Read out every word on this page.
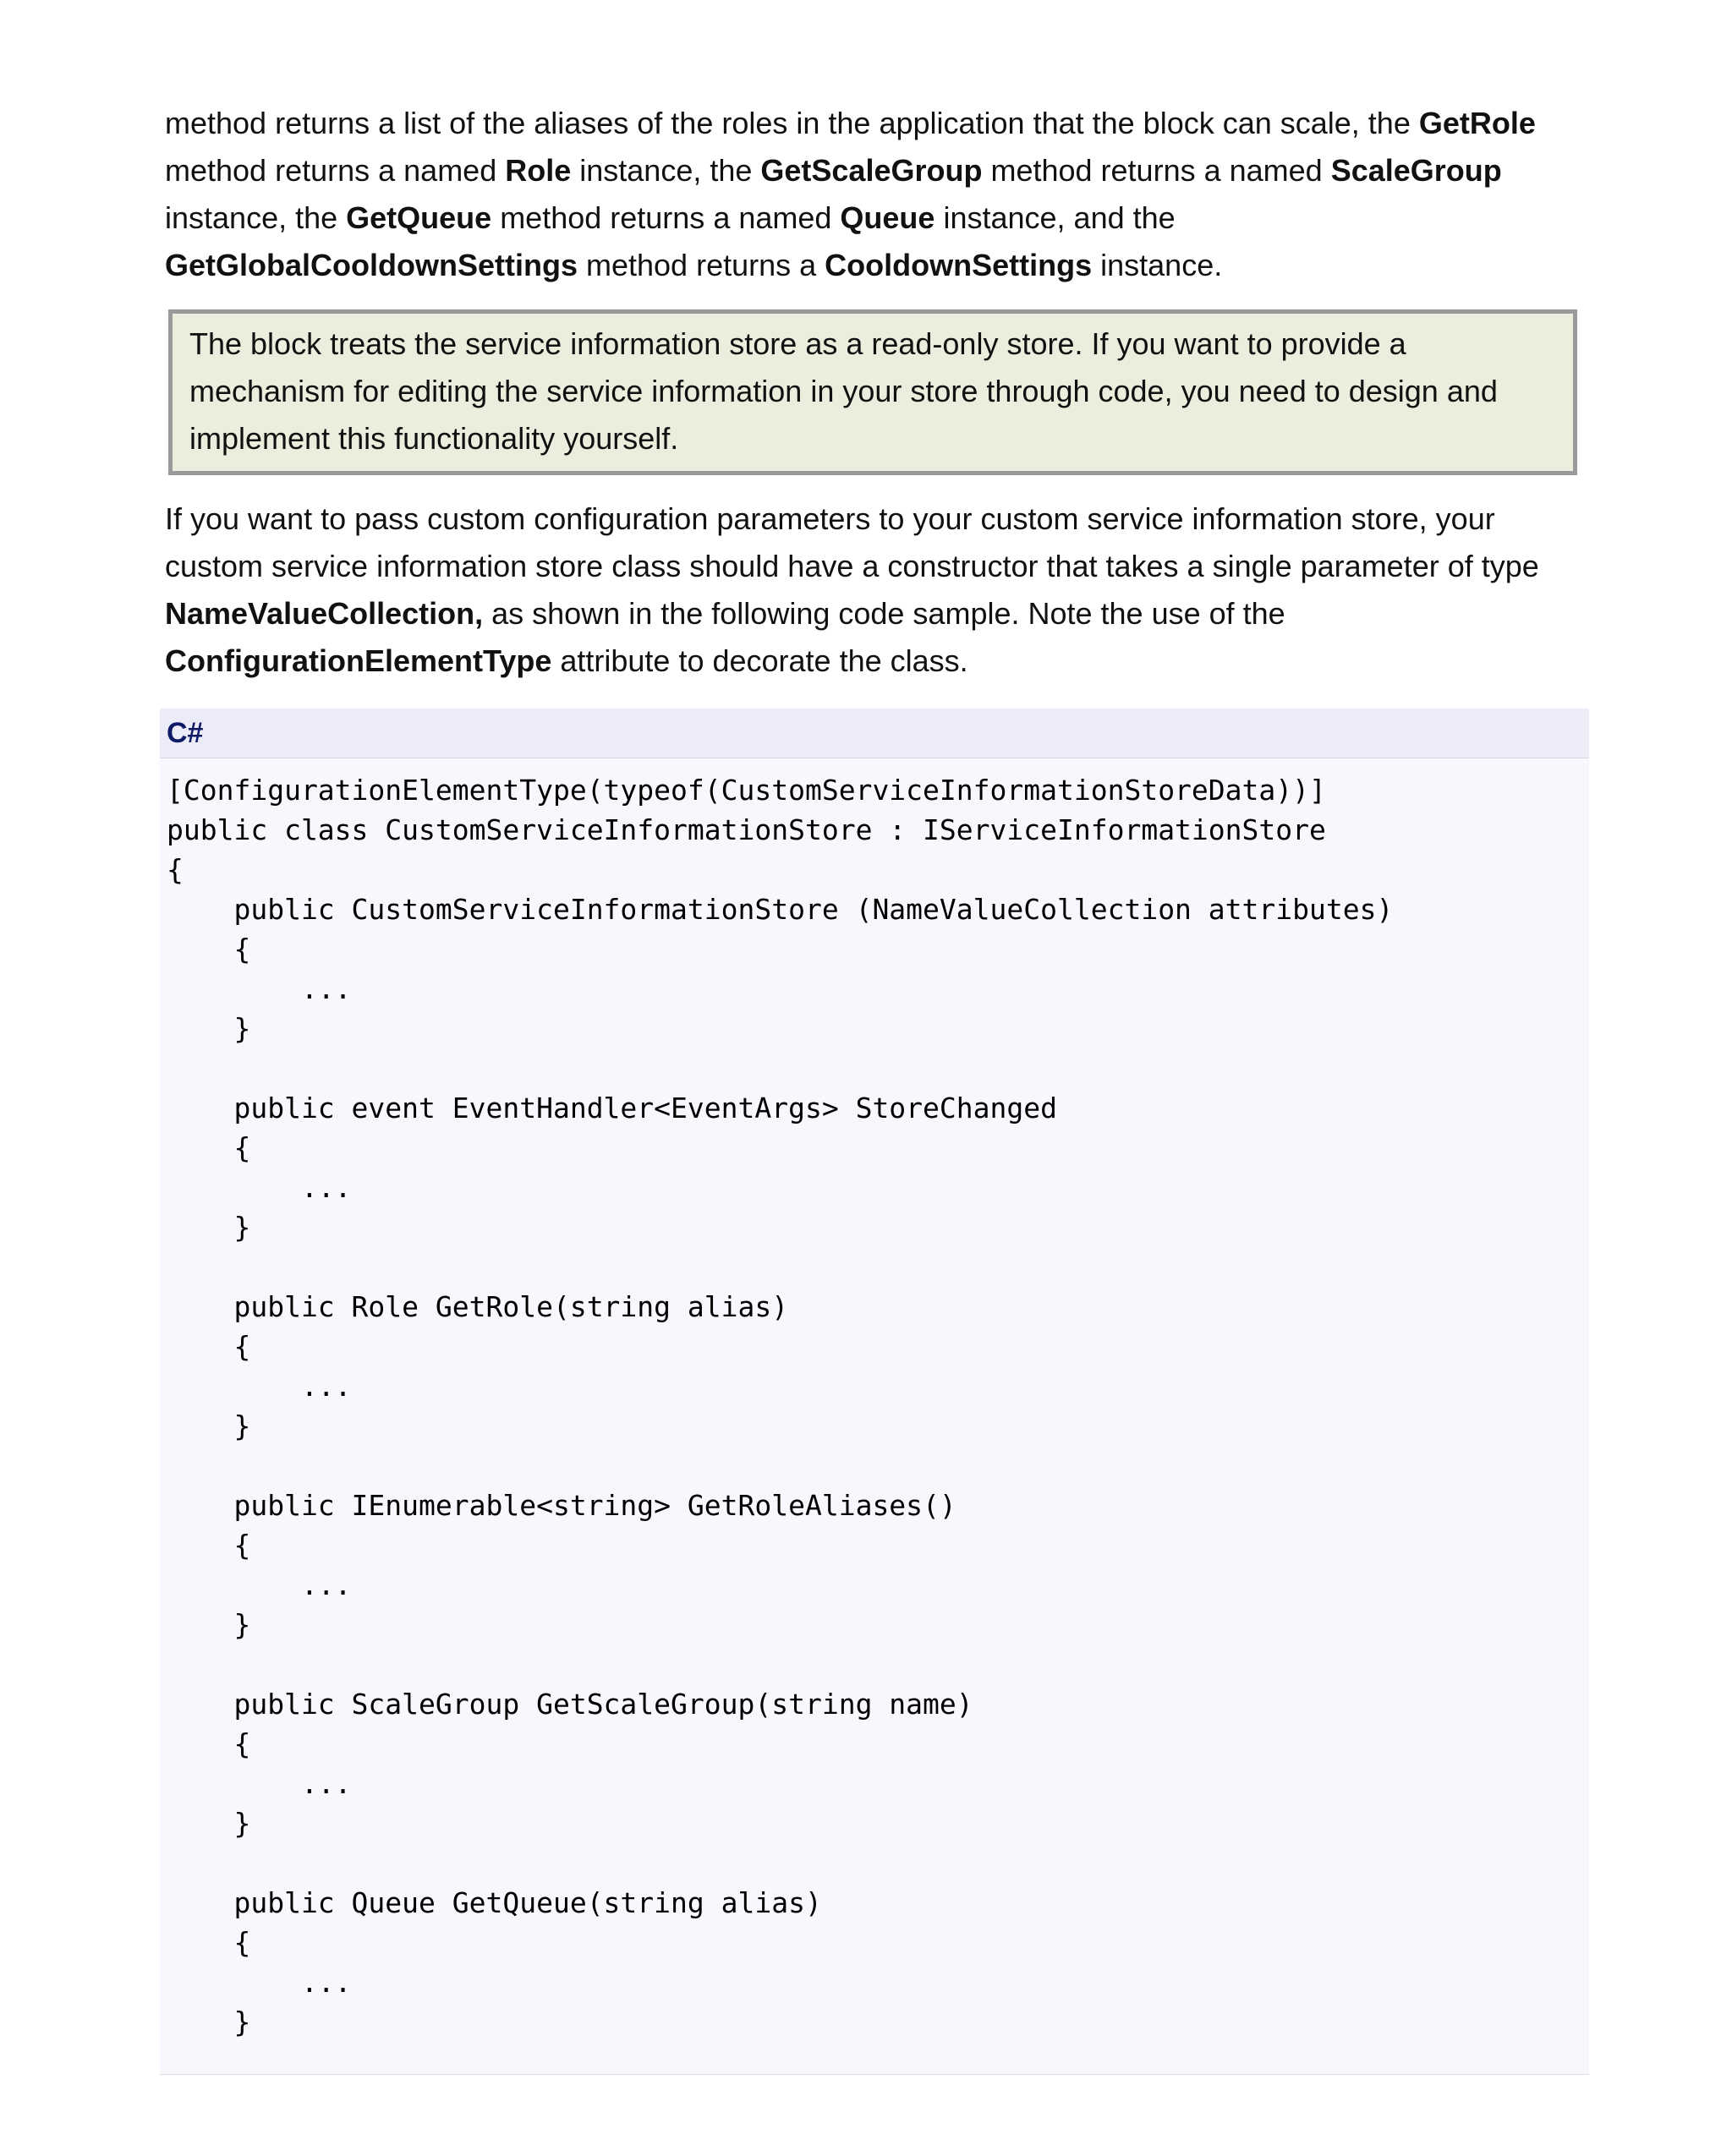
method returns a list of the aliases of the roles in the application that the block can scale, the GetRole method returns a named Role instance, the GetScaleGroup method returns a named ScaleGroup instance, the GetQueue method returns a named Queue instance, and the GetGlobalCooldownSettings method returns a CooldownSettings instance.

The block treats the service information store as a read-only store. If you want to provide a mechanism for editing the service information in your store through code, you need to design and implement this functionality yourself.

If you want to pass custom configuration parameters to your custom service information store, your custom service information store class should have a constructor that takes a single parameter of type NameValueCollection, as shown in the following code sample. Note the use of the ConfigurationElementType attribute to decorate the class.

C#
[ConfigurationElementType(typeof(CustomServiceInformationStoreData))]
public class CustomServiceInformationStore : IServiceInformationStore
{
public CustomServiceInformationStore (NameValueCollection attributes)
{
...
}
public event EventHandler<EventArgs> StoreChanged
{
...
}
public Role GetRole(string alias)
{
...
}
public IEnumerable<string> GetRoleAliases()
{
...
}
public ScaleGroup GetScaleGroup(string name)
{
...
}
public Queue GetQueue(string alias)
{
...
}
